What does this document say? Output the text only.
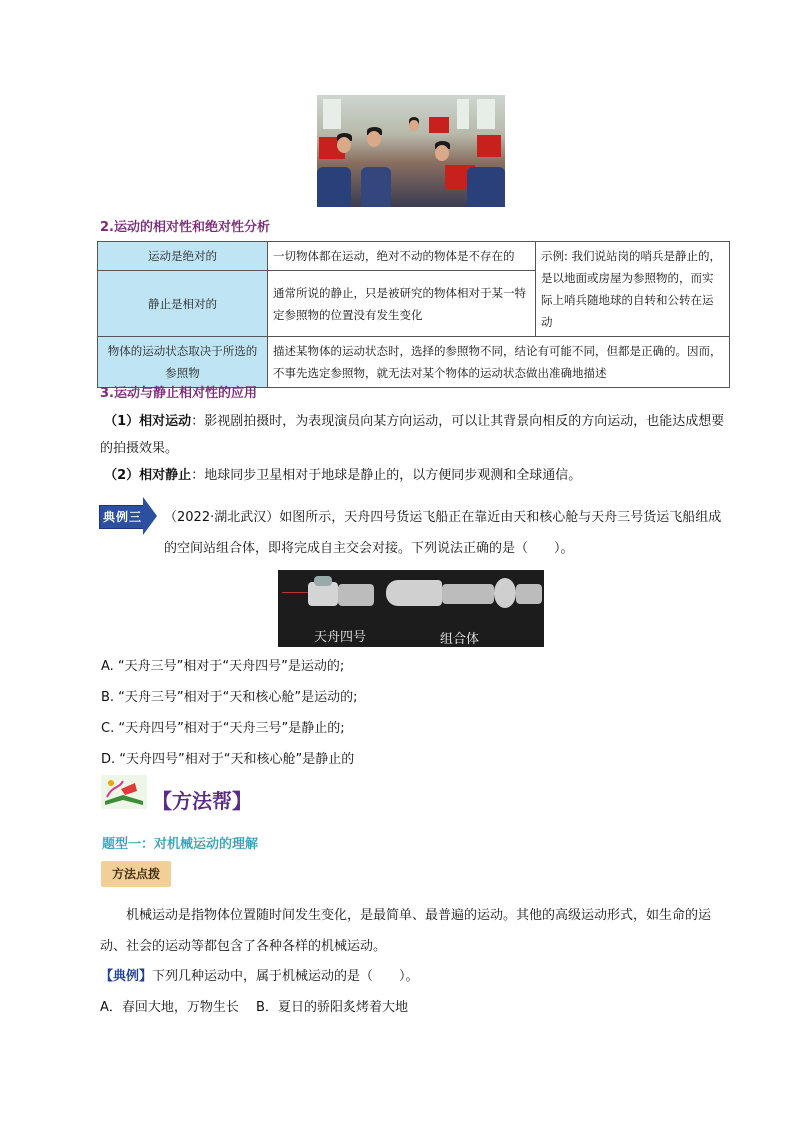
2.运动的相对性和绝对性分析
运动是绝对的	一切物体都在运动，绝对不动的物体是不存在的	示例: 我们说站岗的哨兵是静止的，是以地面或房屋为参照物的，而实际上哨兵随地球的自转和公转在运动
静止是相对的	通常所说的静止，只是被研究的物体相对于某一特定参照物的位置没有发生变化	
物体的运动状态取决于所选的参照物	描述某物体的运动状态时，选择的参照物不同，结论有可能不同，但都是正确的。因而，不事先选定参照物，就无法对某个物体的运动状态做出准确地描述	
3.运动与静止相对性的应用
（1）相对运动：影视剧拍摄时，为表现演员向某方向运动，可以让其背景向相反的方向运动，也能达成想要的拍摄效果。
（2）相对静止：地球同步卫星相对于地球是静止的，以方便同步观测和全球通信。
典例三	（2022·湖北武汉）如图所示，天舟四号货运飞船正在靠近由天和核心舱与天舟三号货运飞船组成的空间站组合体，即将完成自主交会对接。下列说法正确的是（　　）。
天舟四号	组合体
A. “天舟三号”相对于“天舟四号”是运动的;
B. “天舟三号”相对于“天和核心舱”是运动的;
C. “天舟四号”相对于“天舟三号”是静止的;
D. “天舟四号”相对于“天和核心舱”是静止的
【方法帮】
题型一：对机械运动的理解
方法点拨
机械运动是指物体位置随时间发生变化，是最简单、最普遍的运动。其他的高级运动形式，如生命的运动、社会的运动等都包含了各种各样的机械运动。
【典例】下列几种运动中，属于机械运动的是（　　）。
A．春回大地，万物生长　 B．夏日的骄阳炙烤着大地
